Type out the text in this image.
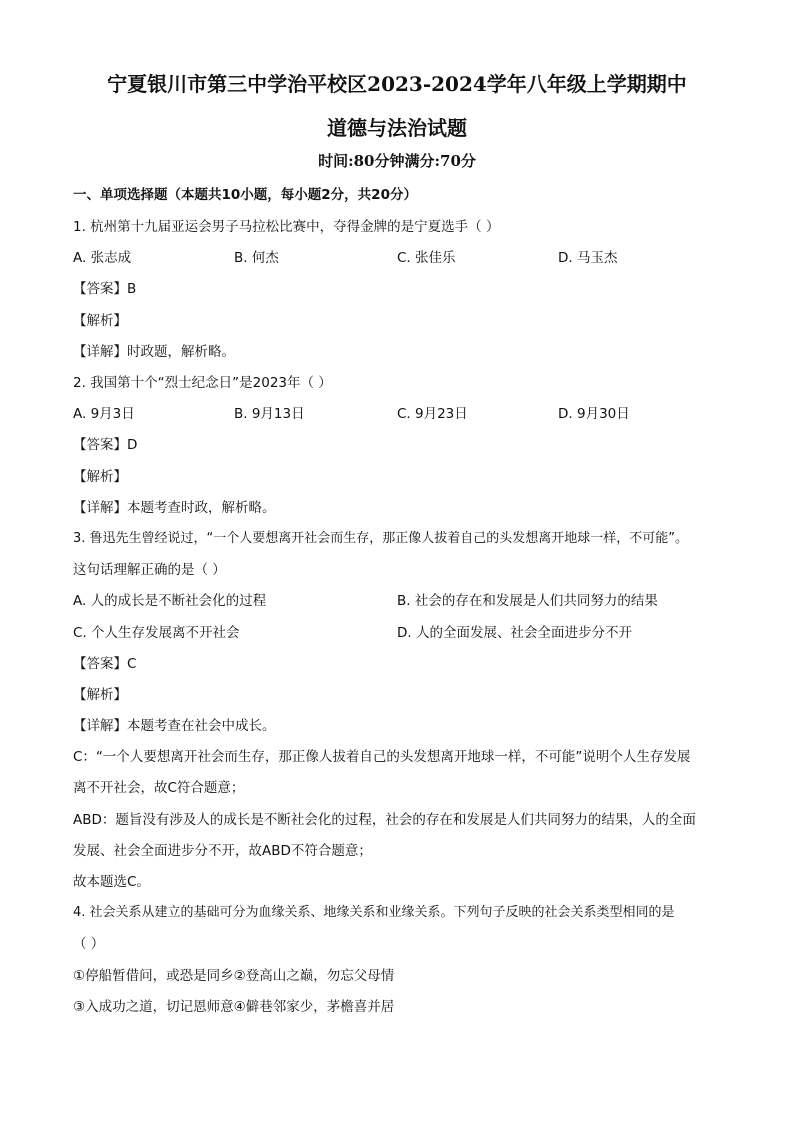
宁夏银川市第三中学治平校区2023-2024学年八年级上学期期中
道德与法治试题
时间:80分钟满分:70分
一、单项选择题（本题共10小题，每小题2分，共20分）
1. 杭州第十九届亚运会男子马拉松比赛中，夺得金牌的是宁夏选手（ ）
A. 张志成	B. 何杰	C. 张佳乐	D. 马玉杰
【答案】B
【解析】
【详解】时政题，解析略。
2. 我国第十个“烈士纪念日”是2023年（ ）
A. 9月3日	B. 9月13日	C. 9月23日	D. 9月30日
【答案】D
【解析】
【详解】本题考查时政，解析略。
3. 鲁迅先生曾经说过，“一个人要想离开社会而生存，那正像人拔着自己的头发想离开地球一样，不可能”。
这句话理解正确的是（ ）
A. 人的成长是不断社会化的过程	B. 社会的存在和发展是人们共同努力的结果
C. 个人生存发展离不开社会	D. 人的全面发展、社会全面进步分不开
【答案】C
【解析】
【详解】本题考查在社会中成长。
C：“一个人要想离开社会而生存，那正像人拔着自己的头发想离开地球一样，不可能”说明个人生存发展
离不开社会，故C符合题意；
ABD：题旨没有涉及人的成长是不断社会化的过程，社会的存在和发展是人们共同努力的结果，人的全面
发展、社会全面进步分不开，故ABD不符合题意；
故本题选C。
4. 社会关系从建立的基础可分为血缘关系、地缘关系和业缘关系。下列句子反映的社会关系类型相同的是
（ ）
①停船暂借问，或恐是同乡②登高山之巅，勿忘父母情
③入成功之道，切记恩师意④僻巷邻家少，茅檐喜并居
